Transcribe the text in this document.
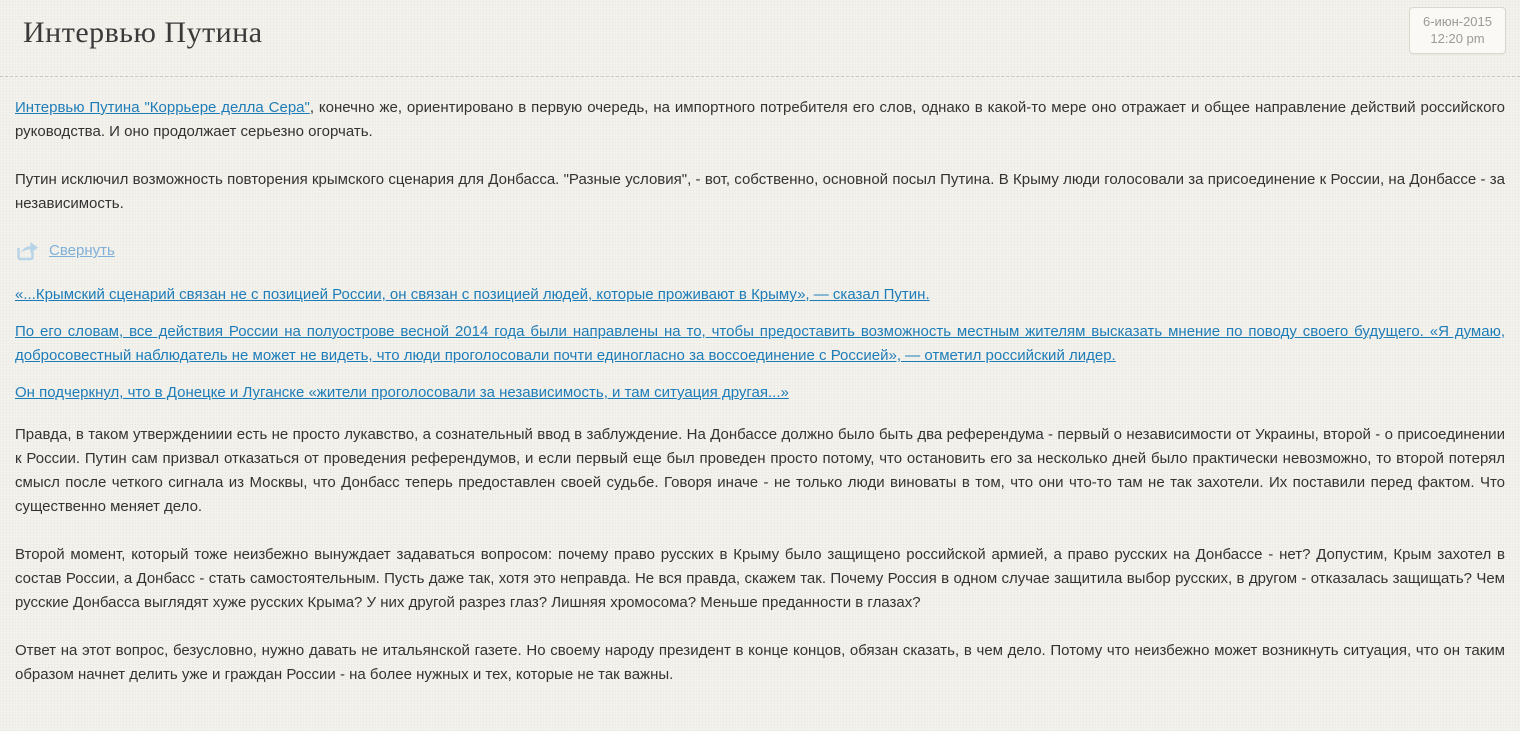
6-июн-2015
12:20 pm
Интервью Путина

Интервью Путина "Коррьере делла Сера", конечно же, ориентировано в первую очередь, на импортного потребителя его слов, однако в какой-то мере оно отражает и общее направление действий российского руководства. И оно продолжает серьезно огорчать.

Путин исключил возможность повторения крымского сценария для Донбасса. "Разные условия", - вот, собственно, основной посыл Путина. В Крыму люди голосовали за присоединение к России, на Донбассе - за независимость.

Свернуть

«...Крымский сценарий связан не с позицией России, он связан с позицией людей, которые проживают в Крыму», — сказал Путин.

По его словам, все действия России на полуострове весной 2014 года были направлены на то, чтобы предоставить возможность местным жителям высказать мнение по поводу своего будущего. «Я думаю, добросовестный наблюдатель не может не видеть, что люди проголосовали почти единогласно за воссоединение с Россией», — отметил российский лидер.

Он подчеркнул, что в Донецке и Луганске «жители проголосовали за независимость, и там ситуация другая...»

Правда, в таком утверждениии есть не просто лукавство, а сознательный ввод в заблуждение. На Донбассе должно было быть два референдума - первый о независимости от Украины, второй - о присоединении к России. Путин сам призвал отказаться от проведения референдумов, и если первый еще был проведен просто потому, что остановить его за несколько дней было практически невозможно, то второй потерял смысл после четкого сигнала из Москвы, что Донбасс теперь предоставлен своей судьбе. Говоря иначе - не только люди виноваты в том, что они что-то там не так захотели. Их поставили перед фактом. Что существенно меняет дело.

Второй момент, который тоже неизбежно вынуждает задаваться вопросом: почему право русских в Крыму было защищено российской армией, а право русских на Донбассе - нет? Допустим, Крым захотел в состав России, а Донбасс - стать самостоятельным. Пусть даже так, хотя это неправда. Не вся правда, скажем так. Почему Россия в одном случае защитила выбор русских, в другом - отказалась защищать? Чем русские Донбасса выглядят хуже русских Крыма? У них другой разрез глаз? Лишняя хромосома? Меньше преданности в глазах?

Ответ на этот вопрос, безусловно, нужно давать не итальянской газете. Но своему народу президент в конце концов, обязан сказать, в чем дело. Потому что неизбежно может возникнуть ситуация, что он таким образом начнет делить уже и граждан России - на более нужных и тех, которые не так важны.
